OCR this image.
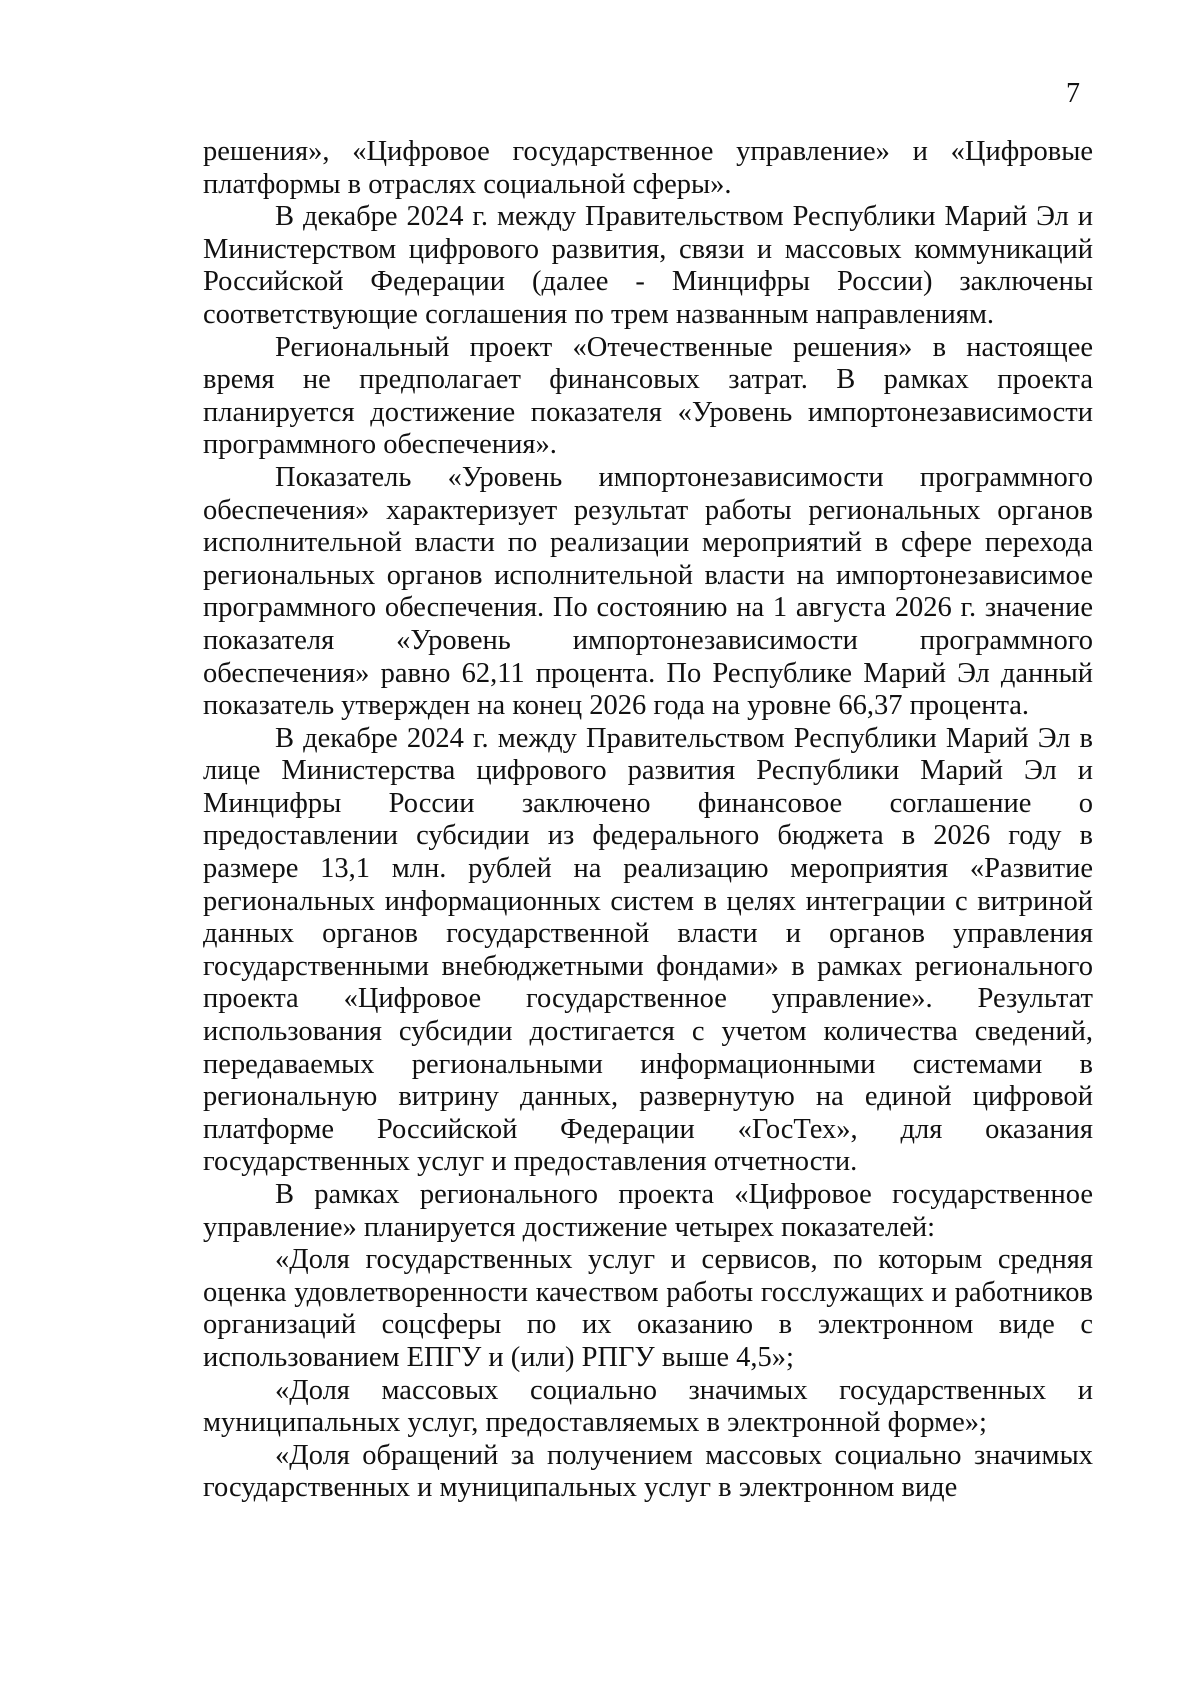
7

решения», «Цифровое государственное управление» и «Цифровые платформы в отраслях социальной сферы».

В декабре 2024 г. между Правительством Республики Марий Эл и Министерством цифрового развития, связи и массовых коммуникаций Российской Федерации (далее - Минцифры России) заключены соответствующие соглашения по трем названным направлениям.

Региональный проект «Отечественные решения» в настоящее время не предполагает финансовых затрат. В рамках проекта планируется достижение показателя «Уровень импортонезависимости программного обеспечения».

Показатель «Уровень импортонезависимости программного обеспечения» характеризует результат работы региональных органов исполнительной власти по реализации мероприятий в сфере перехода региональных органов исполнительной власти на импортонезависимое программного обеспечения. По состоянию на 1 августа 2026 г. значение показателя «Уровень импортонезависимости программного обеспечения» равно 62,11 процента. По Республике Марий Эл данный показатель утвержден на конец 2026 года на уровне 66,37 процента.

В декабре 2024 г. между Правительством Республики Марий Эл в лице Министерства цифрового развития Республики Марий Эл и Минцифры России заключено финансовое соглашение о предоставлении субсидии из федерального бюджета в 2026 году в размере 13,1 млн. рублей на реализацию мероприятия «Развитие региональных информационных систем в целях интеграции с витриной данных органов государственной власти и органов управления государственными внебюджетными фондами» в рамках регионального проекта «Цифровое государственное управление». Результат использования субсидии достигается с учетом количества сведений, передаваемых региональными информационными системами в региональную витрину данных, развернутую на единой цифровой платформе Российской Федерации «ГосТех», для оказания государственных услуг и предоставления отчетности.

В рамках регионального проекта «Цифровое государственное управление» планируется достижение четырех показателей:

«Доля государственных услуг и сервисов, по которым средняя оценка удовлетворенности качеством работы госслужащих и работников организаций соцсферы по их оказанию в электронном виде с использованием ЕПГУ и (или) РПГУ выше 4,5»;

«Доля массовых социально значимых государственных и муниципальных услуг, предоставляемых в электронной форме»;

«Доля обращений за получением массовых социально значимых государственных и муниципальных услуг в электронном виде
